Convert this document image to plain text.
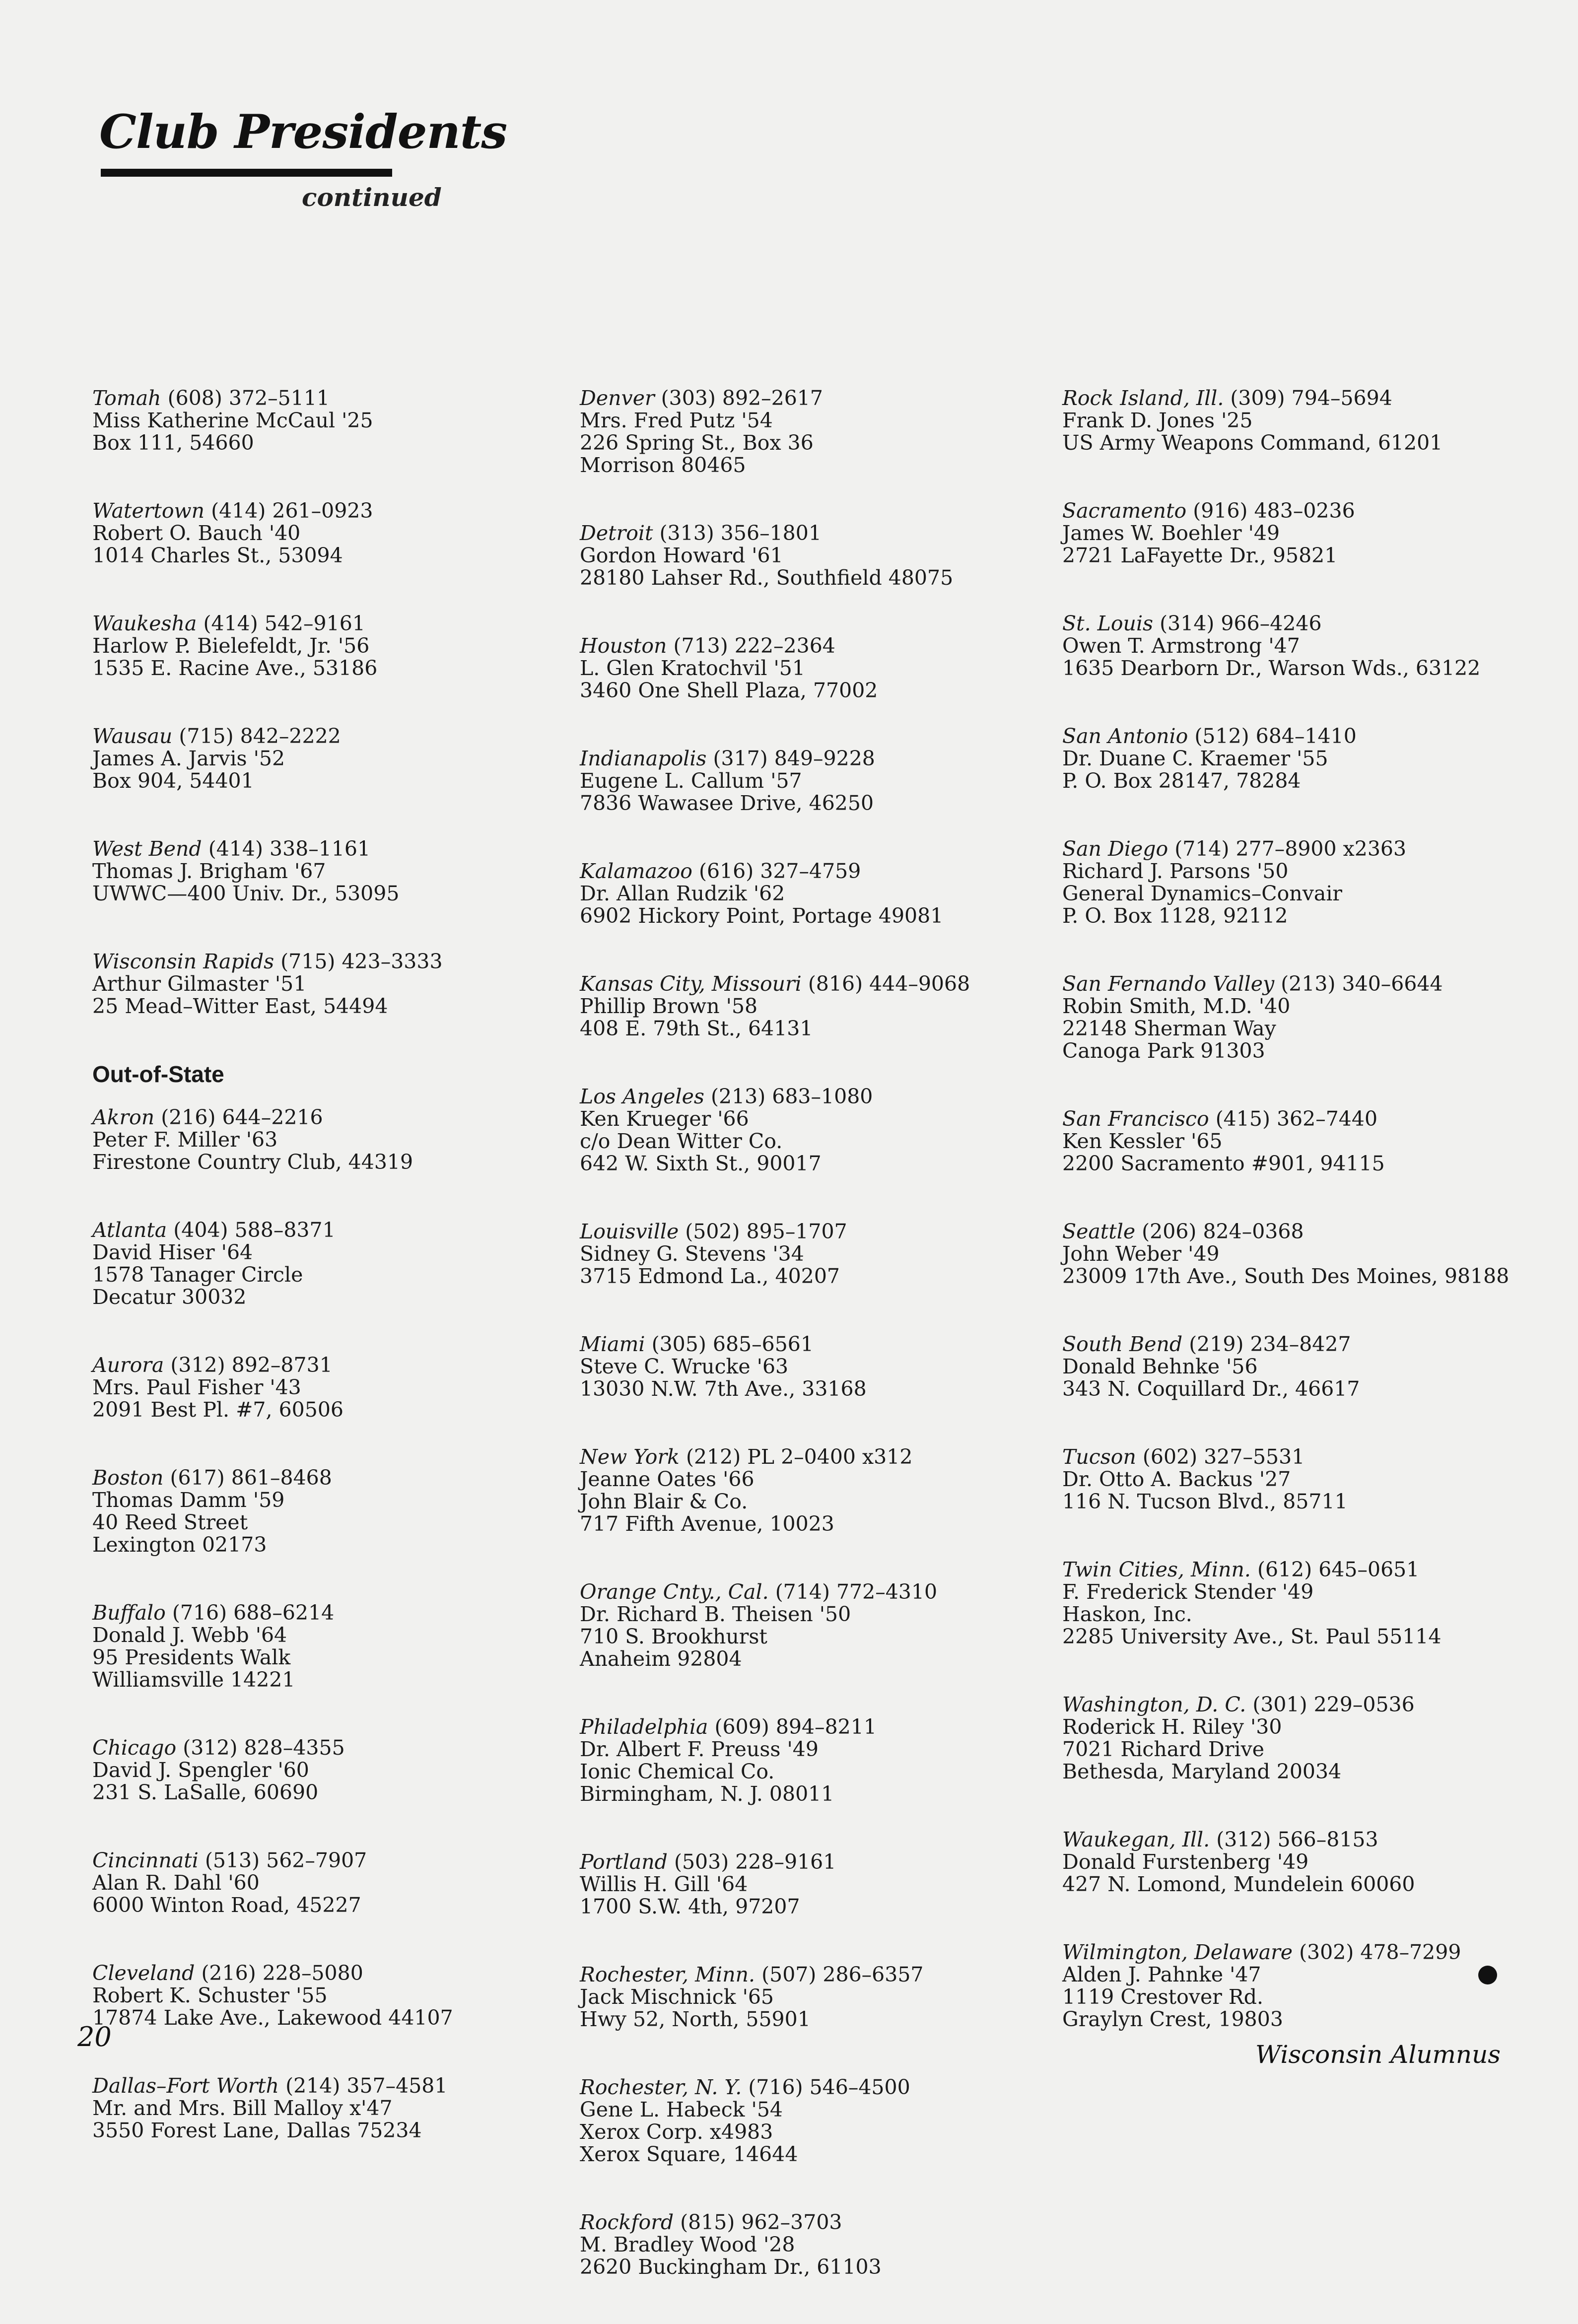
Club Presidents
continued
Tomah (608) 372–5111
Miss Katherine McCaul '25
Box 111, 54660
Watertown (414) 261–0923
Robert O. Bauch '40
1014 Charles St., 53094
Waukesha (414) 542–9161
Harlow P. Bielefeldt, Jr. '56
1535 E. Racine Ave., 53186
Wausau (715) 842–2222
James A. Jarvis '52
Box 904, 54401
West Bend (414) 338–1161
Thomas J. Brigham '67
UWWC—400 Univ. Dr., 53095
Wisconsin Rapids (715) 423–3333
Arthur Gilmaster '51
25 Mead–Witter East, 54494
Out-of-State
Akron (216) 644–2216
Peter F. Miller '63
Firestone Country Club, 44319
Atlanta (404) 588–8371
David Hiser '64
1578 Tanager Circle
Decatur 30032
Aurora (312) 892–8731
Mrs. Paul Fisher '43
2091 Best Pl. #7, 60506
Boston (617) 861–8468
Thomas Damm '59
40 Reed Street
Lexington 02173
Buffalo (716) 688–6214
Donald J. Webb '64
95 Presidents Walk
Williamsville 14221
Chicago (312) 828–4355
David J. Spengler '60
231 S. LaSalle, 60690
Cincinnati (513) 562–7907
Alan R. Dahl '60
6000 Winton Road, 45227
Cleveland (216) 228–5080
Robert K. Schuster '55
17874 Lake Ave., Lakewood 44107
Dallas–Fort Worth (214) 357–4581
Mr. and Mrs. Bill Malloy x'47
3550 Forest Lane, Dallas 75234
Denver (303) 892–2617
Mrs. Fred Putz '54
226 Spring St., Box 36
Morrison 80465
Detroit (313) 356–1801
Gordon Howard '61
28180 Lahser Rd., Southfield 48075
Houston (713) 222–2364
L. Glen Kratochvil '51
3460 One Shell Plaza, 77002
Indianapolis (317) 849–9228
Eugene L. Callum '57
7836 Wawasee Drive, 46250
Kalamazoo (616) 327–4759
Dr. Allan Rudzik '62
6902 Hickory Point, Portage 49081
Kansas City, Missouri (816) 444–9068
Phillip Brown '58
408 E. 79th St., 64131
Los Angeles (213) 683–1080
Ken Krueger '66
c/o Dean Witter Co.
642 W. Sixth St., 90017
Louisville (502) 895–1707
Sidney G. Stevens '34
3715 Edmond La., 40207
Miami (305) 685–6561
Steve C. Wrucke '63
13030 N.W. 7th Ave., 33168
New York (212) PL 2–0400 x312
Jeanne Oates '66
John Blair & Co.
717 Fifth Avenue, 10023
Orange Cnty., Cal. (714) 772–4310
Dr. Richard B. Theisen '50
710 S. Brookhurst
Anaheim 92804
Philadelphia (609) 894–8211
Dr. Albert F. Preuss '49
Ionic Chemical Co.
Birmingham, N. J. 08011
Portland (503) 228–9161
Willis H. Gill '64
1700 S.W. 4th, 97207
Rochester, Minn. (507) 286–6357
Jack Mischnick '65
Hwy 52, North, 55901
Rochester, N. Y. (716) 546–4500
Gene L. Habeck '54
Xerox Corp. x4983
Xerox Square, 14644
Rockford (815) 962–3703
M. Bradley Wood '28
2620 Buckingham Dr., 61103
Rock Island, Ill. (309) 794–5694
Frank D. Jones '25
US Army Weapons Command, 61201
Sacramento (916) 483–0236
James W. Boehler '49
2721 LaFayette Dr., 95821
St. Louis (314) 966–4246
Owen T. Armstrong '47
1635 Dearborn Dr., Warson Wds., 63122
San Antonio (512) 684–1410
Dr. Duane C. Kraemer '55
P. O. Box 28147, 78284
San Diego (714) 277–8900 x2363
Richard J. Parsons '50
General Dynamics–Convair
P. O. Box 1128, 92112
San Fernando Valley (213) 340–6644
Robin Smith, M.D. '40
22148 Sherman Way
Canoga Park 91303
San Francisco (415) 362–7440
Ken Kessler '65
2200 Sacramento #901, 94115
Seattle (206) 824–0368
John Weber '49
23009 17th Ave., South Des Moines, 98188
South Bend (219) 234–8427
Donald Behnke '56
343 N. Coquillard Dr., 46617
Tucson (602) 327–5531
Dr. Otto A. Backus '27
116 N. Tucson Blvd., 85711
Twin Cities, Minn. (612) 645–0651
F. Frederick Stender '49
Haskon, Inc.
2285 University Ave., St. Paul 55114
Washington, D. C. (301) 229–0536
Roderick H. Riley '30
7021 Richard Drive
Bethesda, Maryland 20034
Waukegan, Ill. (312) 566–8153
Donald Furstenberg '49
427 N. Lomond, Mundelein 60060
Wilmington, Delaware (302) 478–7299
Alden J. Pahnke '47
1119 Crestover Rd.
Graylyn Crest, 19803
20
Wisconsin Alumnus
